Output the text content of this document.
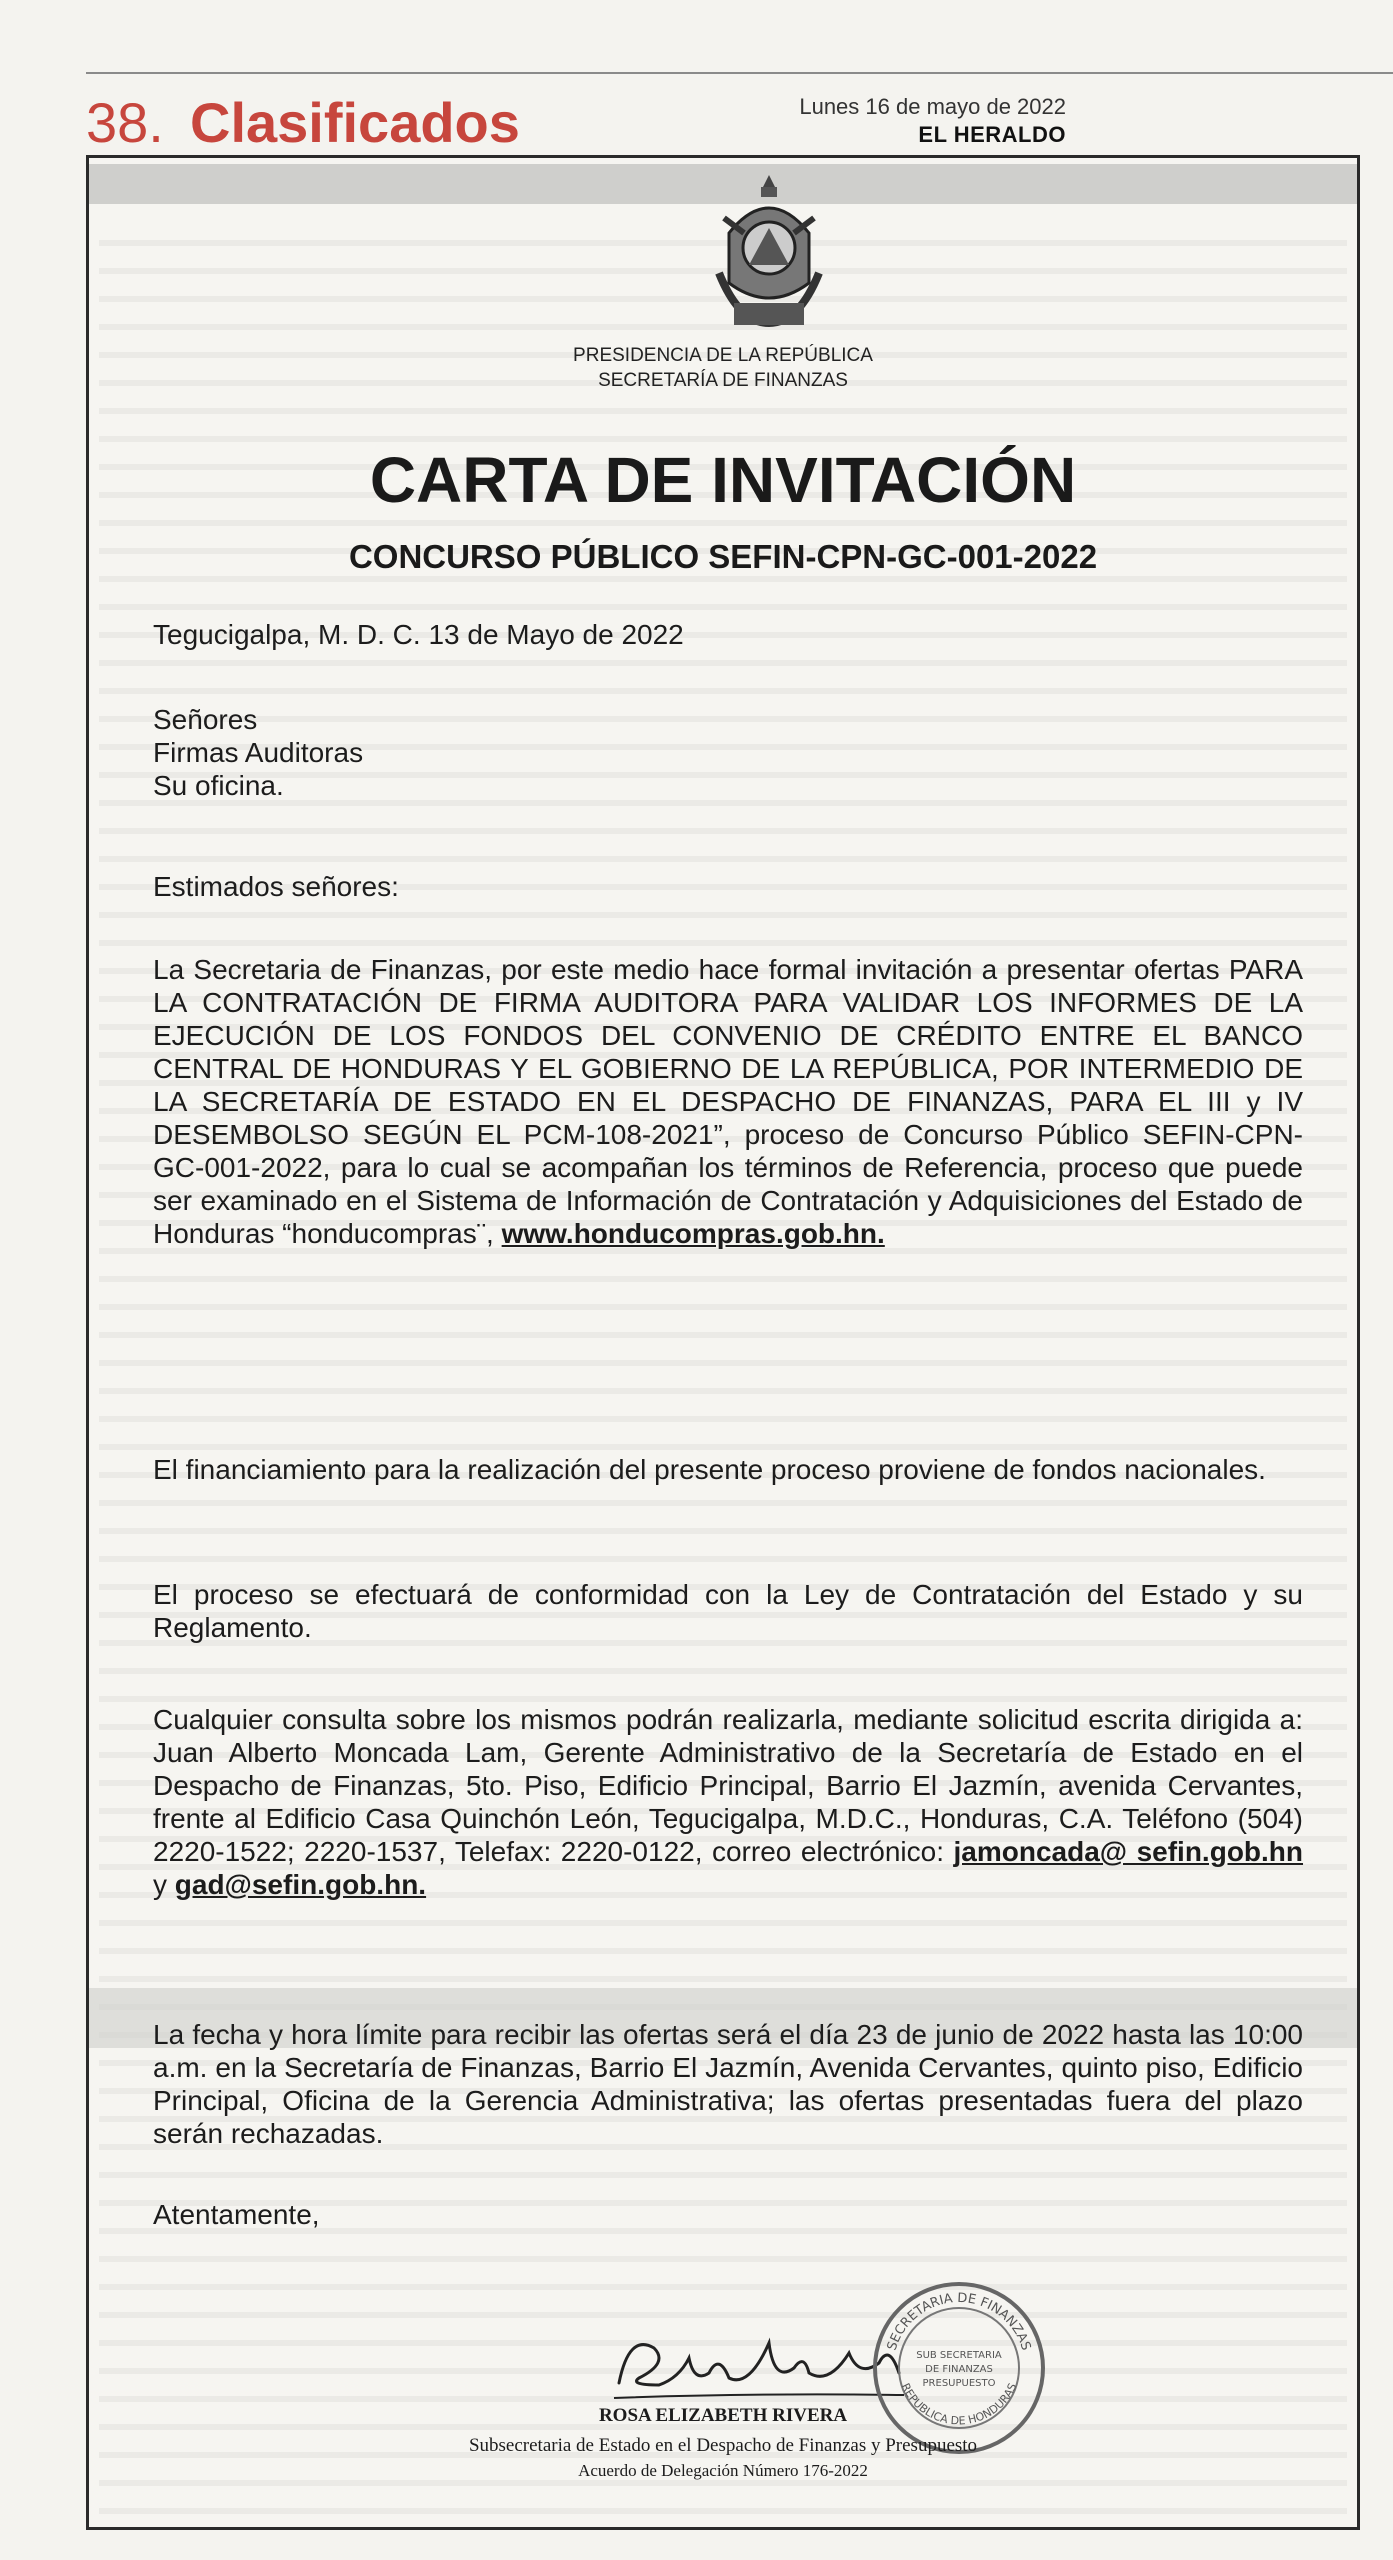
38. Clasificados	Lunes 16 de mayo de 2022
EL HERALDO
PRESIDENCIA DE LA REPÚBLICA
SECRETARÍA DE FINANZAS
CARTA DE INVITACIÓN
CONCURSO PÚBLICO SEFIN-CPN-GC-001-2022
Tegucigalpa, M. D. C. 13 de Mayo de 2022

Señores

Firmas Auditoras

Su oficina.

Estimados señores:
La Secretaria de Finanzas, por este medio hace formal invitación a presentar ofertas PARA LA CONTRATACIÓN DE FIRMA AUDITORA PARA VALIDAR LOS INFORMES DE LA EJECUCIÓN DE LOS FONDOS DEL CONVENIO DE CRÉDITO ENTRE EL BANCO CENTRAL DE HONDURAS Y EL GOBIERNO DE LA REPÚBLICA, POR INTERMEDIO DE LA SECRETARÍA DE ESTADO EN EL DESPACHO DE FINANZAS, PARA EL III y IV DESEMBOLSO SEGÚN EL PCM-108-2021”, proceso de Concurso Público SEFIN-CPN-GC-001-2022, para lo cual se acompañan los términos de Referencia, proceso que puede ser examinado en el Sistema de Información de Contratación y Adquisiciones del Estado de Honduras “honducompras¨, www.honducompras.gob.hn.
El financiamiento para la realización del presente proceso proviene de fondos nacionales.
El proceso se efectuará de conformidad con la Ley de Contratación del Estado y su Reglamento.
Cualquier consulta sobre los mismos podrán realizarla, mediante solicitud escrita dirigida a: Juan Alberto Moncada Lam, Gerente Administrativo de la Secretaría de Estado en el Despacho de Finanzas, 5to. Piso, Edificio Principal, Barrio El Jazmín, avenida Cervantes, frente al Edificio Casa Quinchón León, Tegucigalpa, M.D.C., Honduras, C.A. Teléfono (504) 2220-1522; 2220-1537, Telefax: 2220-0122, correo electrónico: jamoncada@ sefin.gob.hn y gad@sefin.gob.hn.
La fecha y hora límite para recibir las ofertas será el día 23 de junio de 2022 hasta las 10:00 a.m. en la Secretaría de Finanzas, Barrio El Jazmín, Avenida Cervantes, quinto piso, Edificio Principal, Oficina de la Gerencia Administrativa; las ofertas presentadas fuera del plazo serán rechazadas.
Atentamente,
SECRETARIA DE FINANZAS
REPUBLICA DE HONDURAS
SUB SECRETARIA
DE FINANZAS
PRESUPUESTO
ROSA ELIZABETH RIVERA
Subsecretaria de Estado en el Despacho de Finanzas y Presupuesto
Acuerdo de Delegación Número 176-2022
